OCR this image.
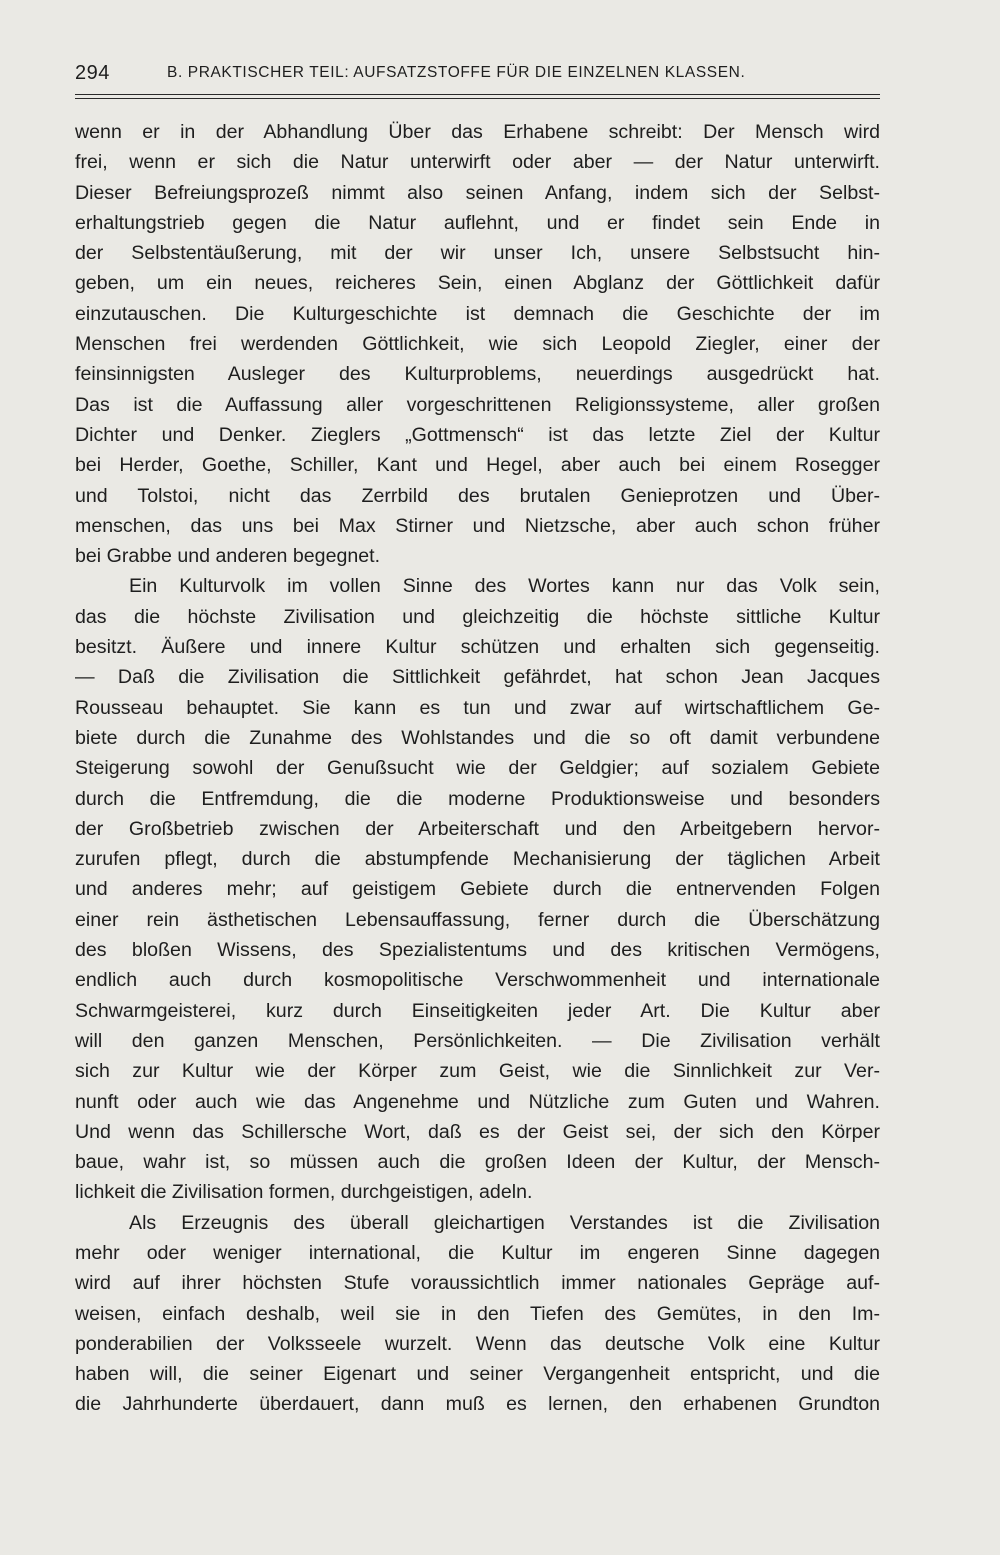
294	B. PRAKTISCHER TEIL: AUFSATZSTOFFE FÜR DIE EINZELNEN KLASSEN.
wenn er in der Abhandlung Über das Erhabene schreibt: Der Mensch wird
frei, wenn er sich die Natur unterwirft oder aber — der Natur unterwirft.
Dieser Befreiungsprozeß nimmt also seinen Anfang, indem sich der Selbst-
erhaltungstrieb gegen die Natur auflehnt, und er findet sein Ende in
der Selbstentäußerung, mit der wir unser Ich, unsere Selbstsucht hin-
geben, um ein neues, reicheres Sein, einen Abglanz der Göttlichkeit dafür
einzutauschen. Die Kulturgeschichte ist demnach die Geschichte der im
Menschen frei werdenden Göttlichkeit, wie sich Leopold Ziegler, einer der
feinsinnigsten Ausleger des Kulturproblems, neuerdings ausgedrückt hat.
Das ist die Auffassung aller vorgeschrittenen Religionssysteme, aller großen
Dichter und Denker. Zieglers „Gottmensch“ ist das letzte Ziel der Kultur
bei Herder, Goethe, Schiller, Kant und Hegel, aber auch bei einem Rosegger
und Tolstoi, nicht das Zerrbild des brutalen Genieprotzen und Über-
menschen, das uns bei Max Stirner und Nietzsche, aber auch schon früher
bei Grabbe und anderen begegnet.
Ein Kulturvolk im vollen Sinne des Wortes kann nur das Volk sein,
das die höchste Zivilisation und gleichzeitig die höchste sittliche Kultur
besitzt. Äußere und innere Kultur schützen und erhalten sich gegenseitig.
— Daß die Zivilisation die Sittlichkeit gefährdet, hat schon Jean Jacques
Rousseau behauptet. Sie kann es tun und zwar auf wirtschaftlichem Ge-
biete durch die Zunahme des Wohlstandes und die so oft damit verbundene
Steigerung sowohl der Genußsucht wie der Geldgier; auf sozialem Gebiete
durch die Entfremdung, die die moderne Produktionsweise und besonders
der Großbetrieb zwischen der Arbeiterschaft und den Arbeitgebern hervor-
zurufen pflegt, durch die abstumpfende Mechanisierung der täglichen Arbeit
und anderes mehr; auf geistigem Gebiete durch die entnervenden Folgen
einer rein ästhetischen Lebensauffassung, ferner durch die Überschätzung
des bloßen Wissens, des Spezialistentums und des kritischen Vermögens,
endlich auch durch kosmopolitische Verschwommenheit und internationale
Schwarmgeisterei, kurz durch Einseitigkeiten jeder Art. Die Kultur aber
will den ganzen Menschen, Persönlichkeiten. — Die Zivilisation verhält
sich zur Kultur wie der Körper zum Geist, wie die Sinnlichkeit zur Ver-
nunft oder auch wie das Angenehme und Nützliche zum Guten und Wahren.
Und wenn das Schillersche Wort, daß es der Geist sei, der sich den Körper
baue, wahr ist, so müssen auch die großen Ideen der Kultur, der Mensch-
lichkeit die Zivilisation formen, durchgeistigen, adeln.
Als Erzeugnis des überall gleichartigen Verstandes ist die Zivilisation
mehr oder weniger international, die Kultur im engeren Sinne dagegen
wird auf ihrer höchsten Stufe voraussichtlich immer nationales Gepräge auf-
weisen, einfach deshalb, weil sie in den Tiefen des Gemütes, in den Im-
ponderabilien der Volksseele wurzelt. Wenn das deutsche Volk eine Kultur
haben will, die seiner Eigenart und seiner Vergangenheit entspricht, und die
die Jahrhunderte überdauert, dann muß es lernen, den erhabenen Grundton
